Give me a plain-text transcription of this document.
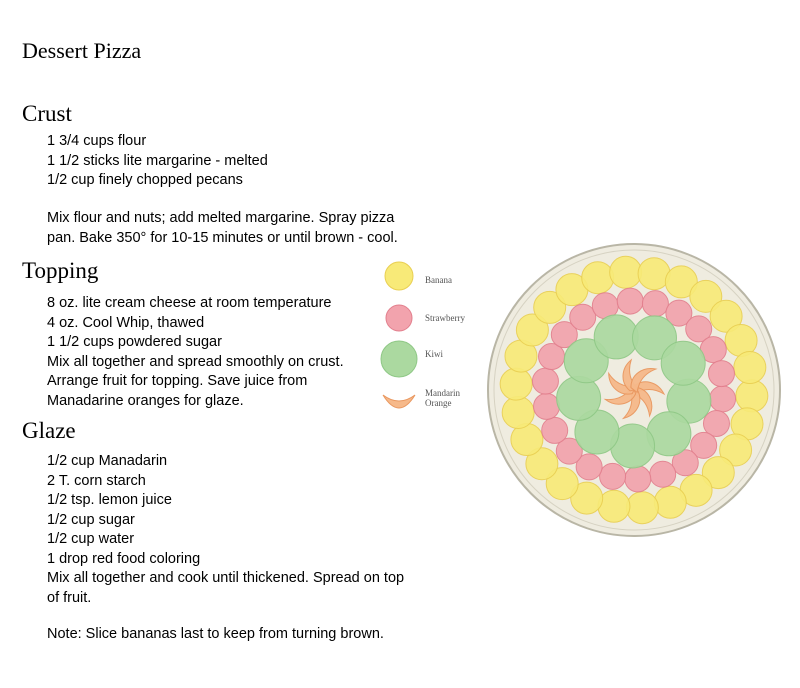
Dessert Pizza
Crust
1 3/4 cups flour
1 1/2 sticks lite margarine - melted
1/2 cup finely chopped pecans
Mix flour and nuts; add melted margarine. Spray pizza
pan. Bake 350° for 10-15 minutes or until brown - cool.
Topping
8 oz. lite cream cheese at room temperature
4 oz. Cool Whip, thawed
1 1/2 cups powdered sugar
Mix all together and spread smoothly on crust.
Arrange fruit for topping. Save juice from
Manadarine oranges for glaze.
Glaze
1/2 cup Manadarin
2 T. corn starch
1/2 tsp. lemon juice
1/2 cup sugar
1/2 cup water
1 drop red food coloring
Mix all together and cook until thickened. Spread on top
of fruit.
Note: Slice bananas last to keep from turning brown.
Banana
Strawberry
Kiwi
Mandarin
Orange
